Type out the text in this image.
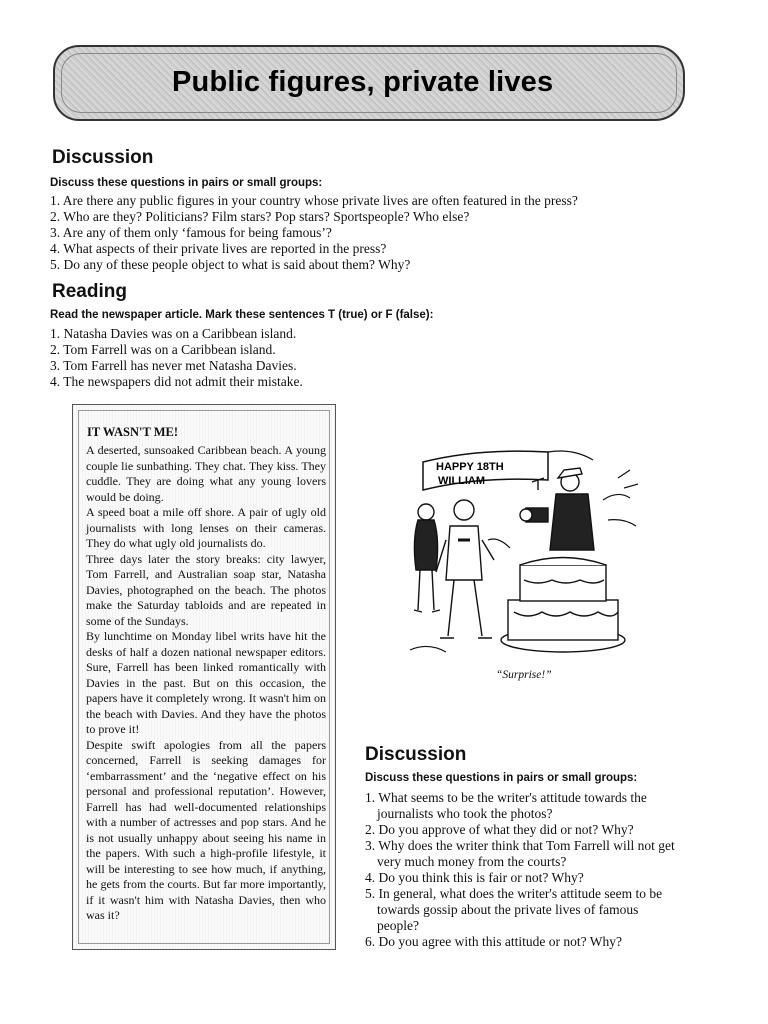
Public figures, private lives
Discussion

Discuss these questions in pairs or small groups:

1. Are there any public figures in your country whose private lives are often featured in the press?
2. Who are they? Politicians? Film stars? Pop stars? Sportspeople? Who else?
3. Are any of them only ‘famous for being famous’?
4. What aspects of their private lives are reported in the press?
5. Do any of these people object to what is said about them? Why?
Reading

Read the newspaper article. Mark these sentences T (true) or F (false):

1. Natasha Davies was on a Caribbean island.
2. Tom Farrell was on a Caribbean island.
3. Tom Farrell has never met Natasha Davies.
4. The newspapers did not admit their mistake.
IT WASN'T ME!

A deserted, sunsoaked Caribbean beach. A young couple lie sunbathing. They chat. They kiss. They cuddle. They are doing what any young lovers would be doing.

A speed boat a mile off shore. A pair of ugly old journalists with long lenses on their cameras. They do what ugly old journalists do.

Three days later the story breaks: city lawyer, Tom Farrell, and Australian soap star, Natasha Davies, photographed on the beach. The photos make the Saturday tabloids and are repeated in some of the Sundays.

By lunchtime on Monday libel writs have hit the desks of half a dozen national newspaper editors. Sure, Farrell has been linked romantically with Davies in the past. But on this occasion, the papers have it completely wrong. It wasn't him on the beach with Davies. And they have the photos to prove it!

Despite swift apologies from all the papers concerned, Farrell is seeking damages for ‘embarrassment’ and the ‘negative effect on his personal and professional reputation’. However, Farrell has had well-documented relationships with a number of actresses and pop stars. And he is not usually unhappy about seeing his name in the papers. With such a high-profile lifestyle, it will be interesting to see how much, if anything, he gets from the courts. But far more importantly, if it wasn't him with Natasha Davies, then who was it?

HAPPY 18TH
WILLIAM
“Surprise!”
Discussion

Discuss these questions in pairs or small groups:

1. What seems to be the writer's attitude towards the journalists who took the photos?
2. Do you approve of what they did or not? Why?
3. Why does the writer think that Tom Farrell will not get very much money from the courts?
4. Do you think this is fair or not? Why?
5. In general, what does the writer's attitude seem to be towards gossip about the private lives of famous people?
6. Do you agree with this attitude or not? Why?
